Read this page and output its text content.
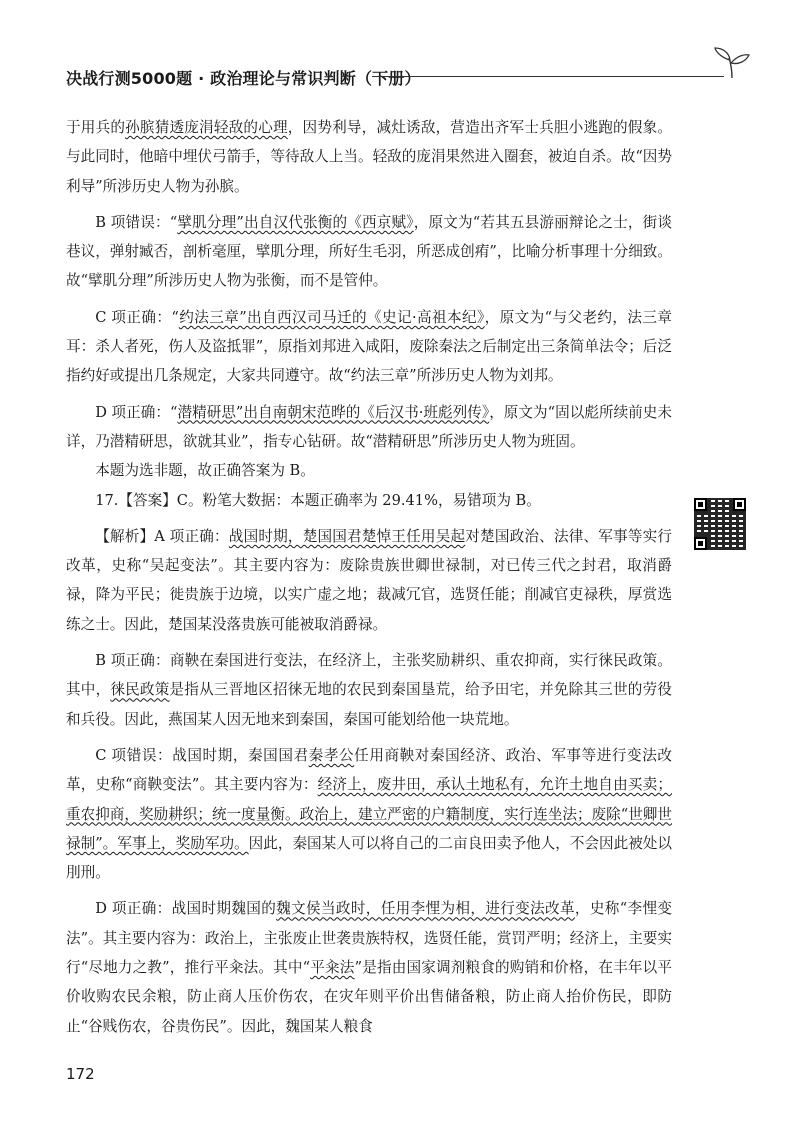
决战行测5000题 · 政治理论与常识判断（下册）

于用兵的孙膑猜透庞涓轻敌的心理，因势利导，减灶诱敌，营造出齐军士兵胆小逃跑的假象。与此同时，他暗中埋伏弓箭手，等待敌人上当。轻敌的庞涓果然进入圈套，被迫自杀。故“因势利导”所涉历史人物为孙膑。

B 项错误：“擘肌分理”出自汉代张衡的《西京赋》，原文为“若其五县游丽辩论之士，街谈巷议，弹射臧否，剖析毫厘，擘肌分理，所好生毛羽，所恶成创痏”，比喻分析事理十分细致。故“擘肌分理”所涉历史人物为张衡，而不是管仲。

C 项正确：“约法三章”出自西汉司马迁的《史记·高祖本纪》，原文为“与父老约，法三章耳：杀人者死，伤人及盗抵罪”，原指刘邦进入咸阳，废除秦法之后制定出三条简单法令；后泛指约好或提出几条规定，大家共同遵守。故“约法三章”所涉历史人物为刘邦。

D 项正确：“潜精研思”出自南朝宋范晔的《后汉书·班彪列传》，原文为“固以彪所续前史未详，乃潜精研思，欲就其业”，指专心钻研。故“潜精研思”所涉历史人物为班固。

本题为选非题，故正确答案为 B。

17.【答案】C。粉笔大数据：本题正确率为 29.41%，易错项为 B。

【解析】A 项正确：战国时期，楚国国君楚悼王任用吴起对楚国政治、法律、军事等实行改革，史称“吴起变法”。其主要内容为：废除贵族世卿世禄制，对已传三代之封君，取消爵禄，降为平民；徙贵族于边境，以实广虚之地；裁减冗官，选贤任能；削减官吏禄秩，厚赏选练之士。因此，楚国某没落贵族可能被取消爵禄。

B 项正确：商鞅在秦国进行变法，在经济上，主张奖励耕织、重农抑商，实行徕民政策。其中，徕民政策是指从三晋地区招徕无地的农民到秦国垦荒，给予田宅，并免除其三世的劳役和兵役。因此，燕国某人因无地来到秦国，秦国可能划给他一块荒地。

C 项错误：战国时期，秦国国君秦孝公任用商鞅对秦国经济、政治、军事等进行变法改革，史称“商鞅变法”。其主要内容为：经济上，废井田，承认土地私有，允许土地自由买卖；重农抑商，奖励耕织；统一度量衡。政治上，建立严密的户籍制度，实行连坐法；废除“世卿世禄制”。军事上，奖励军功。因此，秦国某人可以将自己的二亩良田卖予他人，不会因此被处以刖刑。

D 项正确：战国时期魏国的魏文侯当政时，任用李悝为相，进行变法改革，史称“李悝变法”。其主要内容为：政治上，主张废止世袭贵族特权，选贤任能，赏罚严明；经济上，主要实行“尽地力之教”，推行平籴法。其中“平籴法”是指由国家调剂粮食的购销和价格，在丰年以平价收购农民余粮，防止商人压价伤农，在灾年则平价出售储备粮，防止商人抬价伤民，即防止“谷贱伤农，谷贵伤民”。因此，魏国某人粮食

172
